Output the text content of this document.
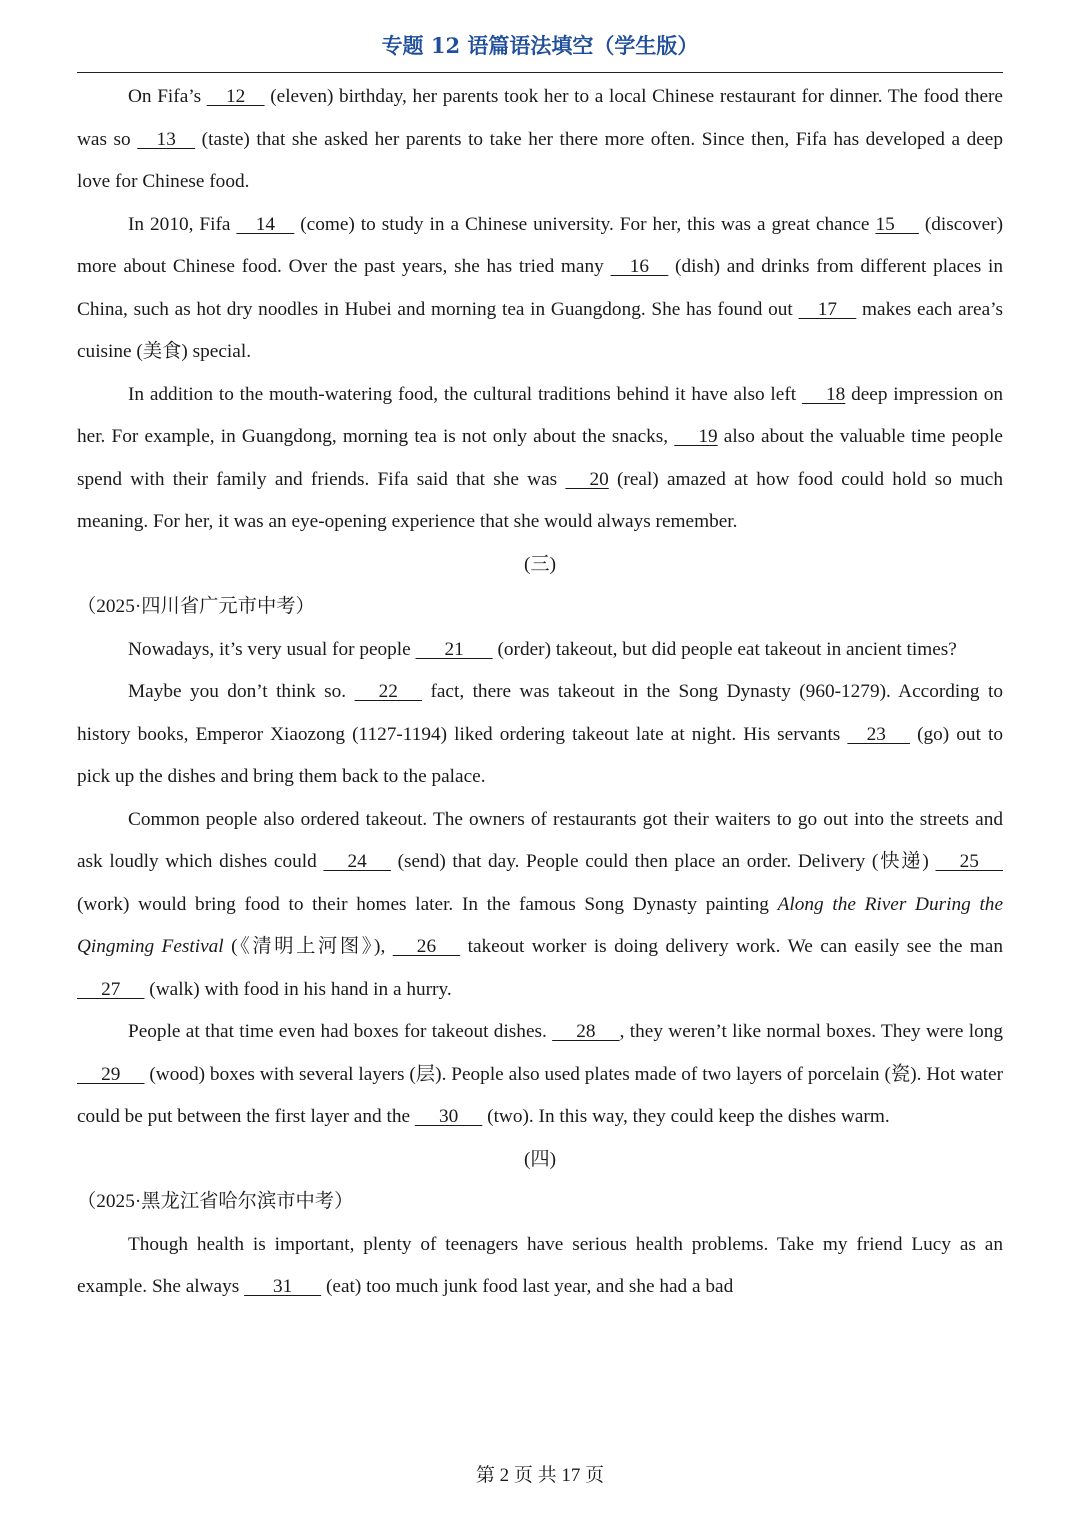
专题 12 语篇语法填空（学生版）

On Fifa’s     12     (eleven) birthday, her parents took her to a local Chinese restaurant for dinner. The food there was so     13     (taste) that she asked her parents to take her there more often. Since then, Fifa has developed a deep love for Chinese food.

In 2010, Fifa     14     (come) to study in a Chinese university. For her, this was a great chance 15      (discover) more about Chinese food. Over the past years, she has tried many     16     (dish) and drinks from different places in China, such as hot dry noodles in Hubei and morning tea in Guangdong. She has found out     17     makes each area’s cuisine (美食) special.

In addition to the mouth-watering food, the cultural traditions behind it have also left      18 deep impression on her. For example, in Guangdong, morning tea is not only about the snacks,      19 also about the valuable time people spend with their family and friends. Fifa said that she was      20 (real) amazed at how food could hold so much meaning. For her, it was an eye-opening experience that she would always remember.

(三)

（2025·四川省广元市中考）

Nowadays, it’s very usual for people       21       (order) takeout, but did people eat takeout in ancient times?

Maybe you don’t think so.      22      fact, there was takeout in the Song Dynasty (960-1279). According to history books, Emperor Xiaozong (1127-1194) liked ordering takeout late at night. His servants     23      (go) out to pick up the dishes and bring them back to the palace.

Common people also ordered takeout. The owners of restaurants got their waiters to go out into the streets and ask loudly which dishes could      24      (send) that day. People could then place an order. Delivery (快递)      25      (work) would bring food to their homes later. In the famous Song Dynasty painting Along the River During the Qingming Festival (《清明上河图》),      26      takeout worker is doing delivery work. We can easily see the man      27      (walk) with food in his hand in a hurry.

People at that time even had boxes for takeout dishes.      28     , they weren’t like normal boxes. They were long      29      (wood) boxes with several layers (层). People also used plates made of two layers of porcelain (瓷). Hot water could be put between the first layer and the      30      (two). In this way, they could keep the dishes warm.

(四)

（2025·黑龙江省哈尔滨市中考）

Though health is important, plenty of teenagers have serious health problems. Take my friend Lucy as an example. She always       31       (eat) too much junk food last year, and she had a bad

第 2 页 共 17 页
